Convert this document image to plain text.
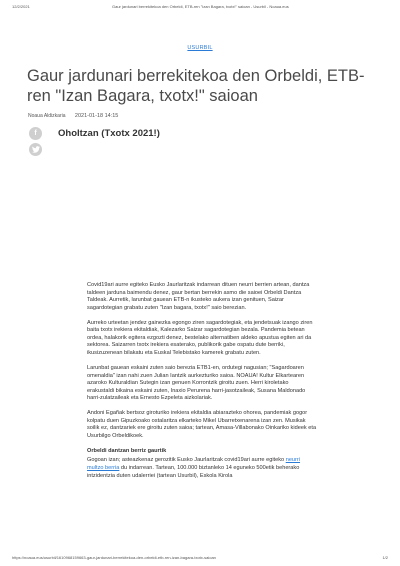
12/2/2021	Gaur jardunari berrekitekoa den Orbeldi, ETB-ren "Izan Bagara, txotx!" saioan - Usurbil - Noaua.eus
USURBIL
Gaur jardunari berrekitekoa den Orbeldi, ETB-ren "Izan Bagara, txotx!" saioan
Noaua Aldizkaria 2021-01-18 14:15
f	Oholtzan (Txotx 2021!)

Covid19ari aurre egiteko Eusko Jaurlaritzak indarrean dituen neurri berrien artean, dantza taldeen jarduna baimendu denez, gaur bertan berrekin asmo die saioei Orbeldi Dantza Taldeak. Aurretik, larunbat gauean ETB-n ikusteko aukera izan genituen, Saizar sagardotegian grabatu zuten "Izan bagara, txotx!" saio berezian.

Aurreko urteetan jendez gainezka egongo ziren sagardotegiak, eta jendetsuak izango ziren baita txotx irekiera ekitaldiak, Kalezarko Saizar sagardotegian bezala. Pandemia betean ordea, halakorik egitera ezgozti denez, bestelako alternatiben aldeko apustua egiten ari da sektorea. Saizarren txotx irekiera esaterako, publikorik gabe ospatu dute berriki, ikusizuzenean bilakatu eta Euskal Telebistako kamerek grabatu zuten.

Larunbat gauean eskaini zuten saio berezia ETB1-en, ordutegi nagusian; "Sagardoaren omenaldia" izan nahi zuen Julian Iantzik aurkezturiko saioa. NOAUA! Kultur Elkartearen azaroko Kulturaldian Sutegin izan genuen Korrontzik giroitu zuen. Herri kiroletako erakustaldi bikaina eskaini zuten, Inaxio Perurena harri-jasotzaileak, Susana Maldonado harri-zulatzaileak eta Ernesto Ezpeleta aizkolariak.

Andoni Egañak bertsoz giroturiko irekiera ekitaldia abiarazteko ohorea, pandemiak gogor kolpatu duen Gipuzkoako ostalaritza elkarteko Mikel Ubarretxenarena izan zen. Musikak soilik ez, dantzariek ere giroitu zuten saioa; tartean, Amasa-Villabonako Oinkariko kideek eta Usurbilgo Orbeldikoek.

Orbeldi dantzan berriz gaurtik

Gogoan izan; asteazkenaz gerozitik Eusko Jaurlaritzak covid19ari aurre egiteko neurri multzo berria du indarrean. Tartean, 100.000 biztanleko 14 eguneko 500etik beherako intzidentzia duten udalerriei (tartean Usurbil), Eskola Kirola

https://noaua.eus/usurbil/1610968159663-gaur-jardunari-berrekitekoa-den-orbeldi-etb-ren-izan-bagara-txotx-saioan	1/2
